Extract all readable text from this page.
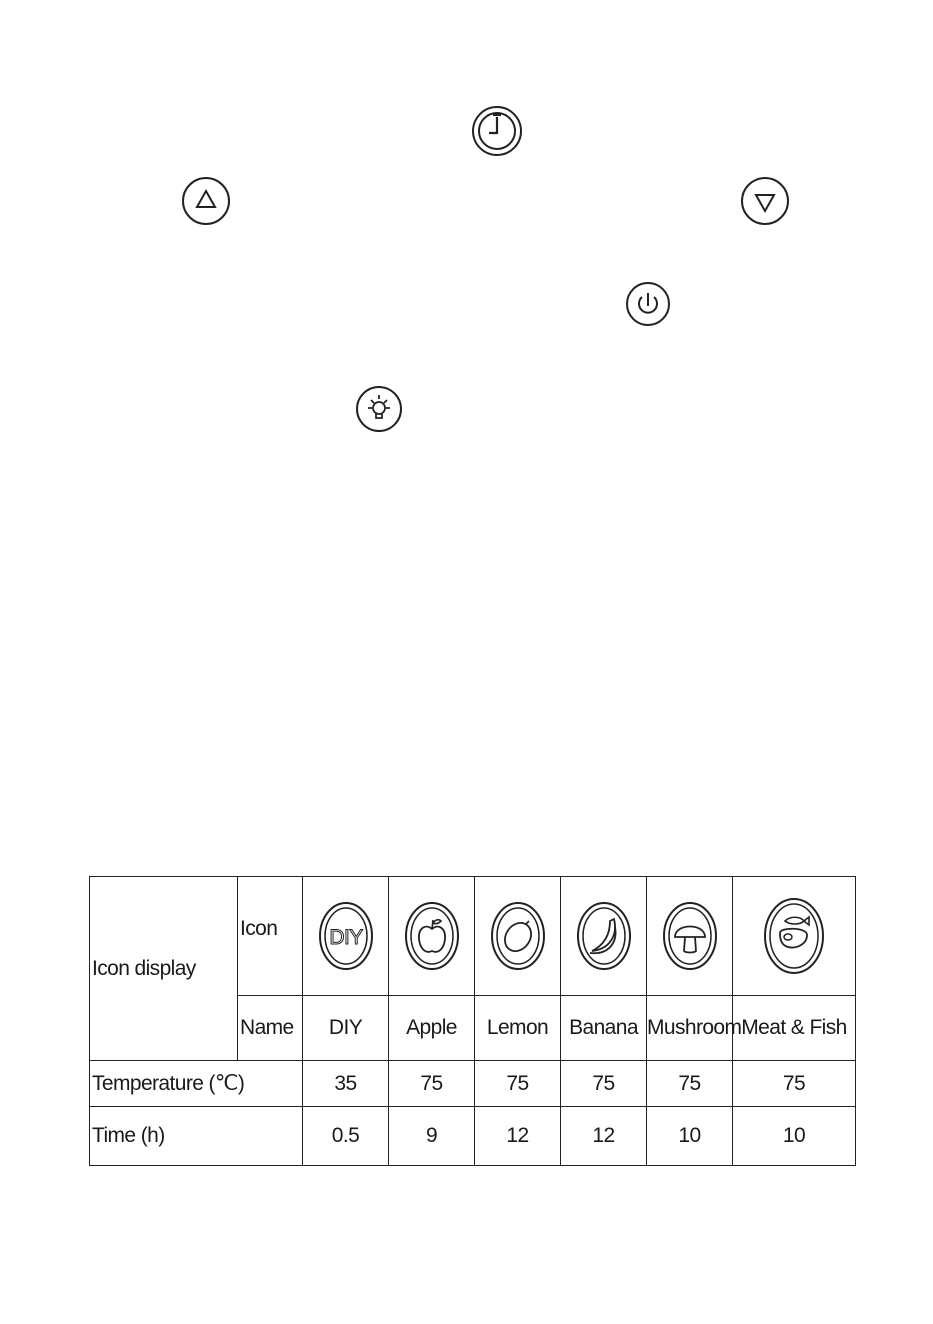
Icon display	Icon	DIY

	Name	DIY	Apple	Lemon	Banana	Mushroom	Meat & Fish
Temperature (℃)		35	75	75	75	75	75
Time (h)		0.5	9	12	12	10	10
